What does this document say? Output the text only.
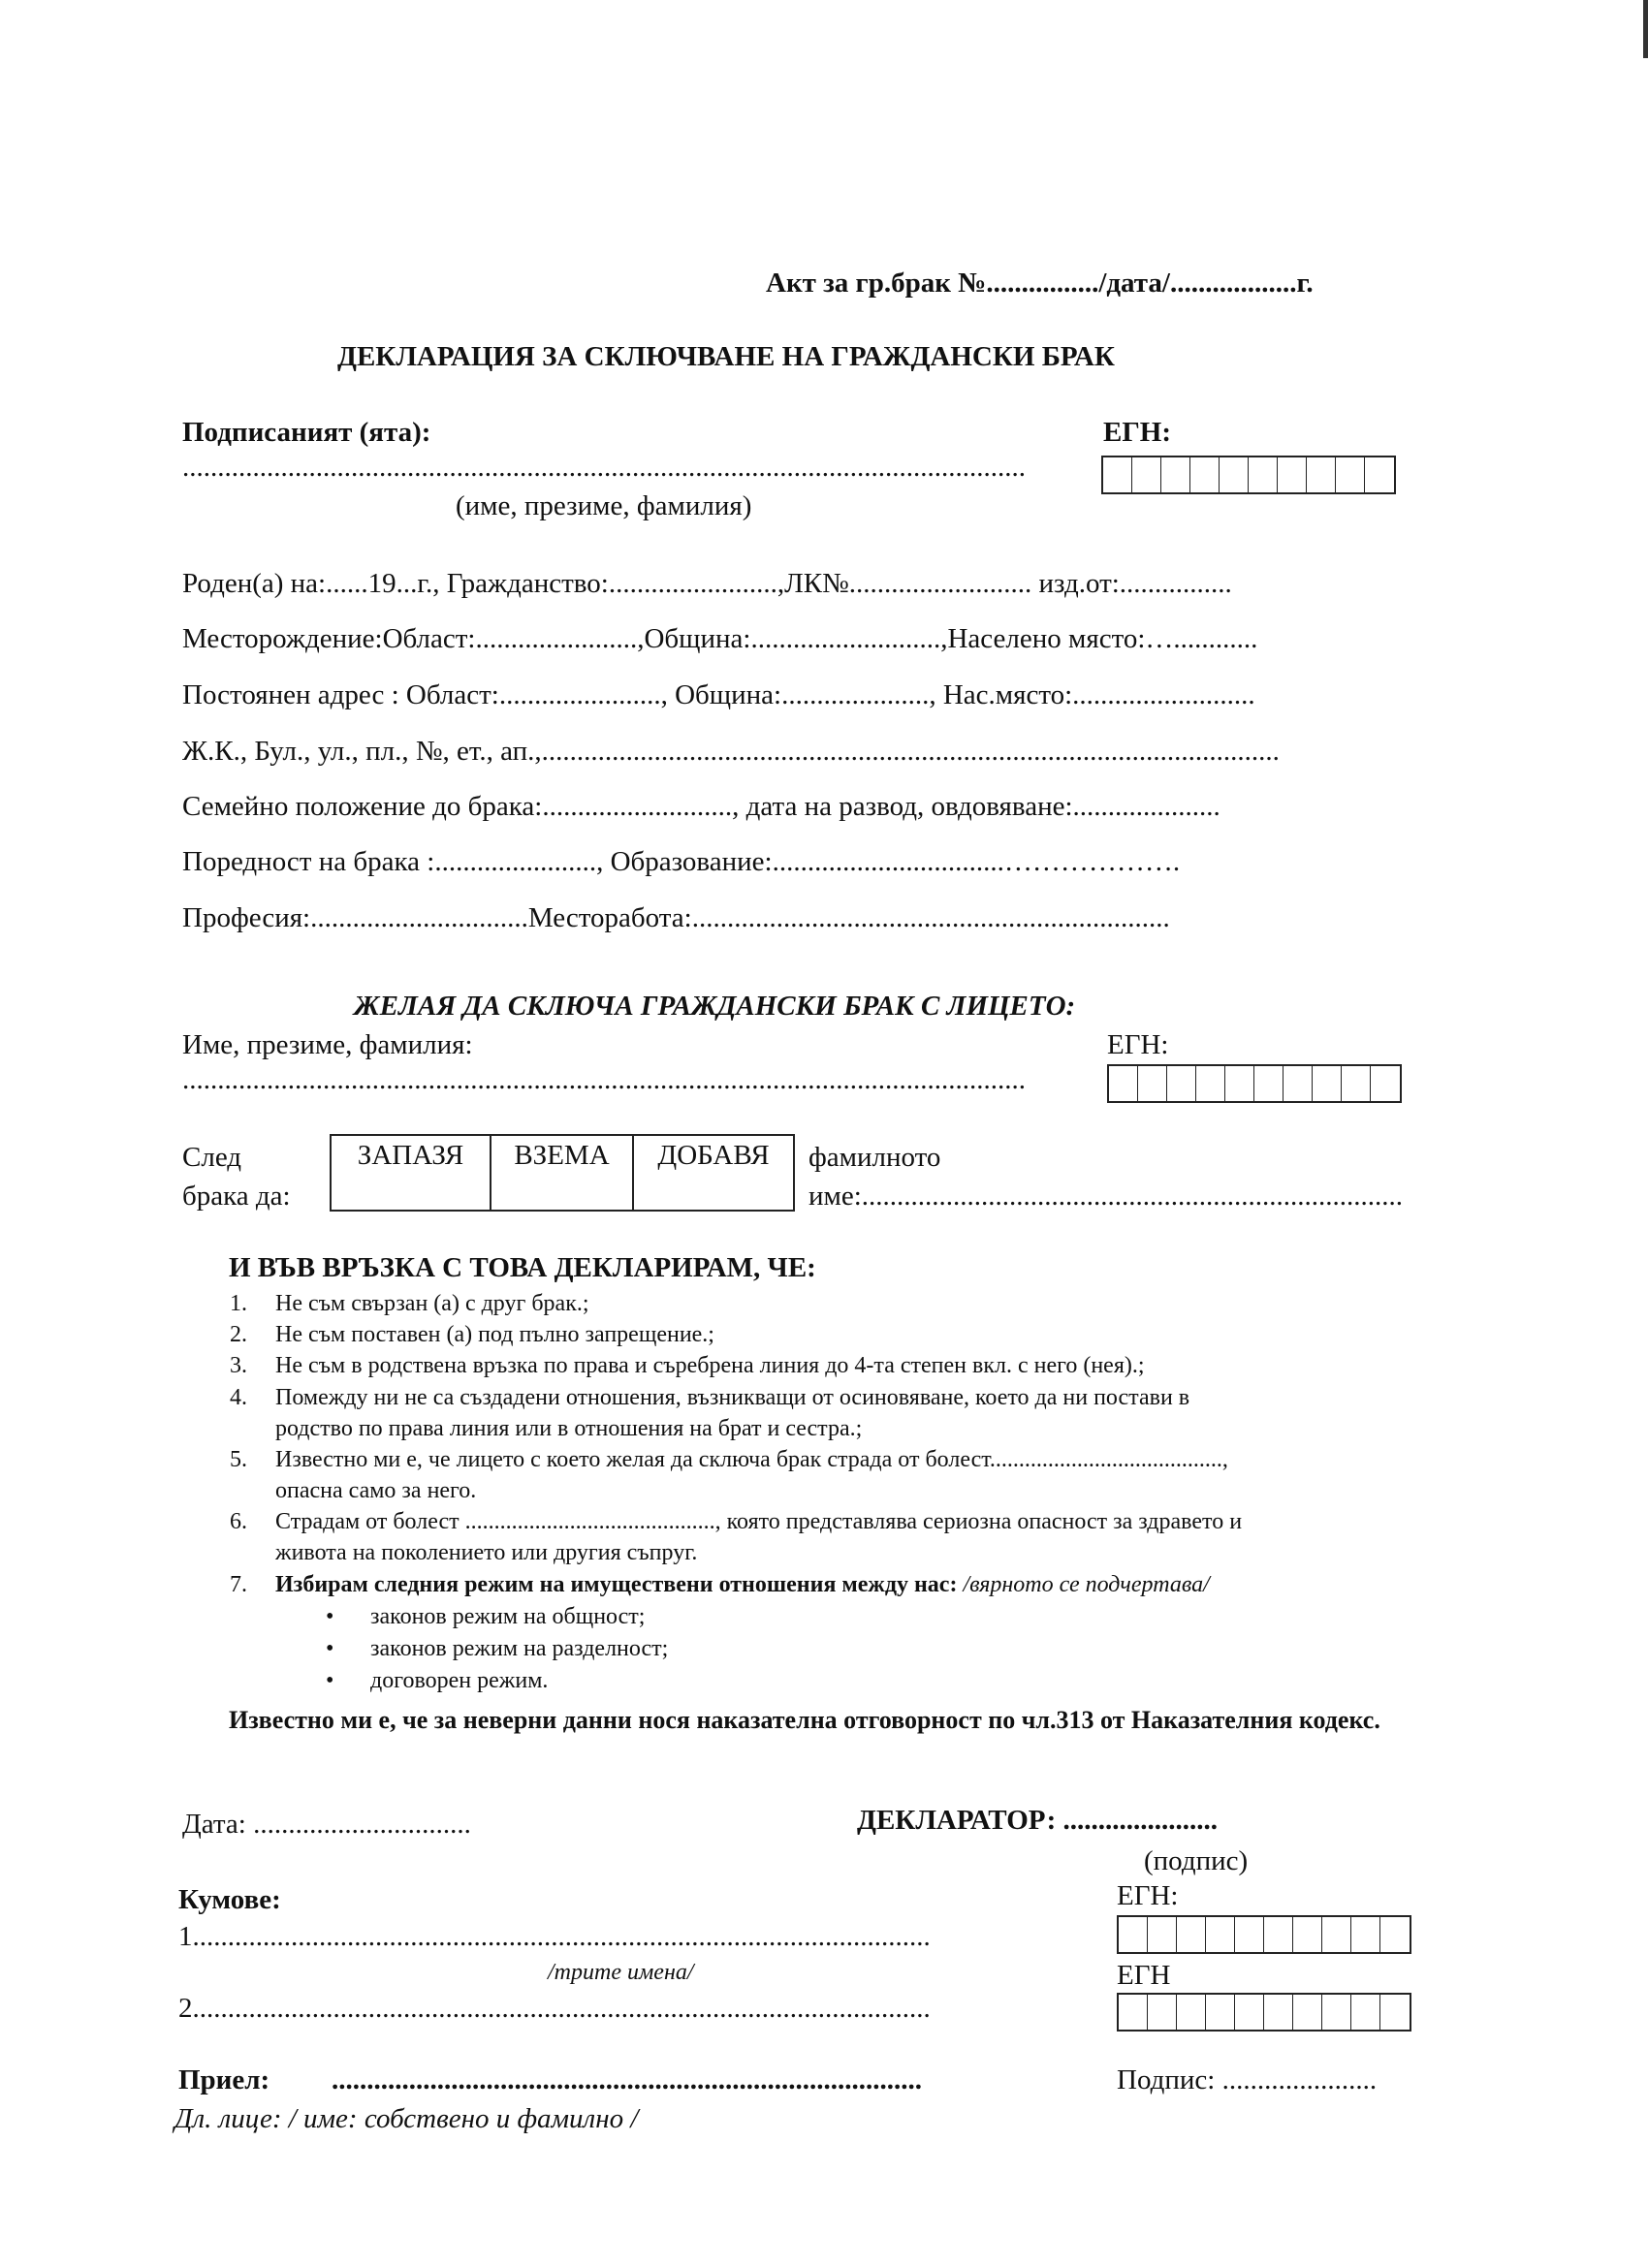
Акт за гр.брак №................/дата/..................г.
ДЕКЛАРАЦИЯ ЗА СКЛЮЧВАНЕ НА ГРАЖДАНСКИ БРАК
Подписаният (ята):	ЕГН:
........................................................................................................................
(име, презиме, фамилия)
Роден(а) на:......19...г., Гражданство:........................,ЛК№.......................... изд.от:................
Месторождение:Област:.......................,Община:...........................,Населено място:…............
Постоянен адрес : Област:......................., Община:....................., Нас.място:..........................
Ж.К., Бул., ул., пл., №, ет., ап.,.........................................................................................................
Семейно положение до брака:..........................., дата на развод, овдовяване:.....................
Поредност на брака :......................., Образование:.................................……………….
Професия:...............................Месторабота:....................................................................
ЖЕЛАЯ ДА СКЛЮЧА ГРАЖДАНСКИ БРАК С ЛИЦЕТО:
Име, презиме, фамилия:	ЕГН:
........................................................................................................................
След
брака да:
ЗАПАЗЯ	ВЗЕМА	ДОБАВЯ	фамилното
име:.............................................................................
И ВЪВ ВРЪЗКА С ТОВА ДЕКЛАРИРАМ, ЧЕ:
1. Не съм свързан (а) с друг брак.;
2. Не съм поставен (а) под пълно запрещение.;
3. Не съм в родствена връзка по права и съребрена линия до 4-та степен вкл. с него (нея).;
4. Помежду ни не са създадени отношения, възникващи от осиновяване, което да ни постави в
родство по права линия или в отношения на брат и сестра.;
5. Известно ми е, че лицето с което желая да сключа брак страда от болест........................................,
опасна само за него.
6. Страдам от болест ..........................................., която представлява сериозна опасност за здравето и
живота на поколението или другия съпруг.
7. Избирам следния режим на имуществени отношения между нас: /вярното се подчертава/
• законов режим на общност;
• законов режим на разделност;
• договорен режим.
Известно ми е, че за неверни данни нося наказателна отговорност по чл.313 от Наказателния кодекс.
Дата: ...............................	ДЕКЛАРАТОР: ......................
(подпис)
Кумове:	ЕГН:
1.........................................................................................................
/трите имена/	ЕГН
2.........................................................................................................
Приел: ....................................................................................	Подпис: ......................
Дл. лице: / име: собствено и фамилно /
